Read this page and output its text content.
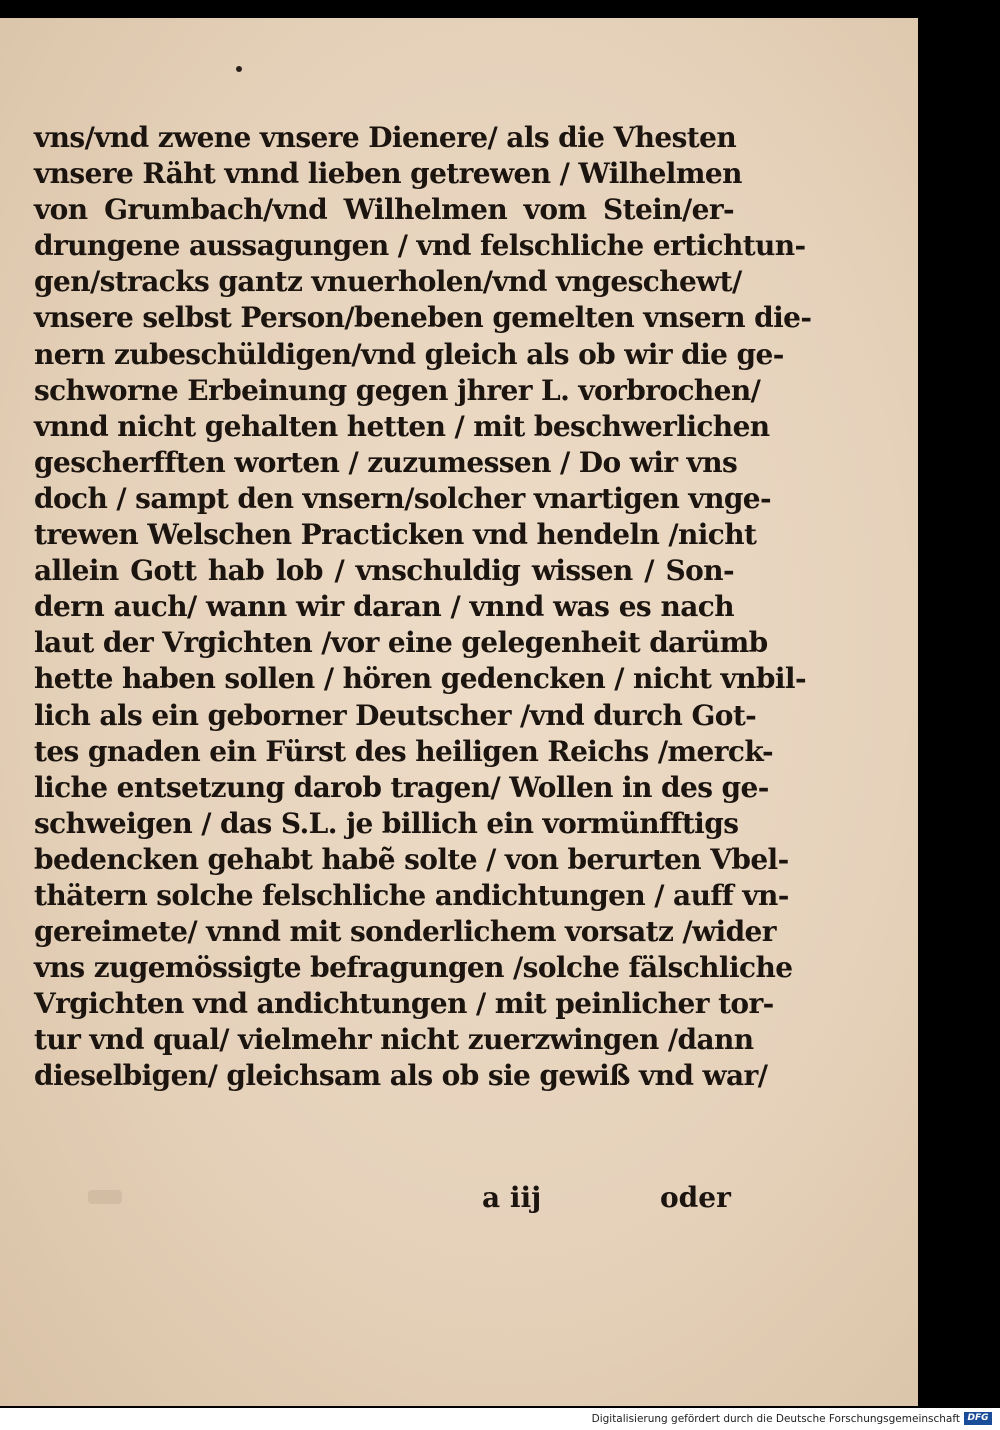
vns/vnd zwene vnsere Dienere/ als die Vhesten
vnsere Räht vnnd lieben getrewen / Wilhelmen
von Grumbach/vnd Wilhelmen vom Stein/er-
drungene aussagungen / vnd felschliche ertichtun-
gen/stracks gantz vnuerholen/vnd vngeschewt/
vnsere selbst Person/beneben gemelten vnsern die-
nern zubeschüldigen/vnd gleich als ob wir die ge-
schworne Erbeinung gegen jhrer L. vorbrochen/
vnnd nicht gehalten hetten / mit beschwerlichen
gescherfften worten / zuzumessen / Do wir vns
doch / sampt den vnsern/solcher vnartigen vnge-
trewen Welschen Practicken vnd hendeln /nicht
allein Gott hab lob / vnschuldig wissen / Son-
dern auch/ wann wir daran / vnnd was es nach
laut der Vrgichten /vor eine gelegenheit darümb
hette haben sollen / hören gedencken / nicht vnbil-
lich als ein geborner Deutscher /vnd durch Got-
tes gnaden ein Fürst des heiligen Reichs /merck-
liche entsetzung darob tragen/ Wollen in des ge-
schweigen / das S.L. je billich ein vormünfftigs
bedencken gehabt habẽ solte / von berurten Vbel-
thätern solche felschliche andichtungen / auff vn-
gereimete/ vnnd mit sonderlichem vorsatz /wider
vns zugemössigte befragungen /solche fälschliche
Vrgichten vnd andichtungen / mit peinlicher tor-
tur vnd qual/ vielmehr nicht zuerzwingen /dann
dieselbigen/ gleichsam als ob sie gewiß vnd war/
a iij	oder
Digitalisierung gefördert durch die Deutsche Forschungsgemeinschaft DFG
